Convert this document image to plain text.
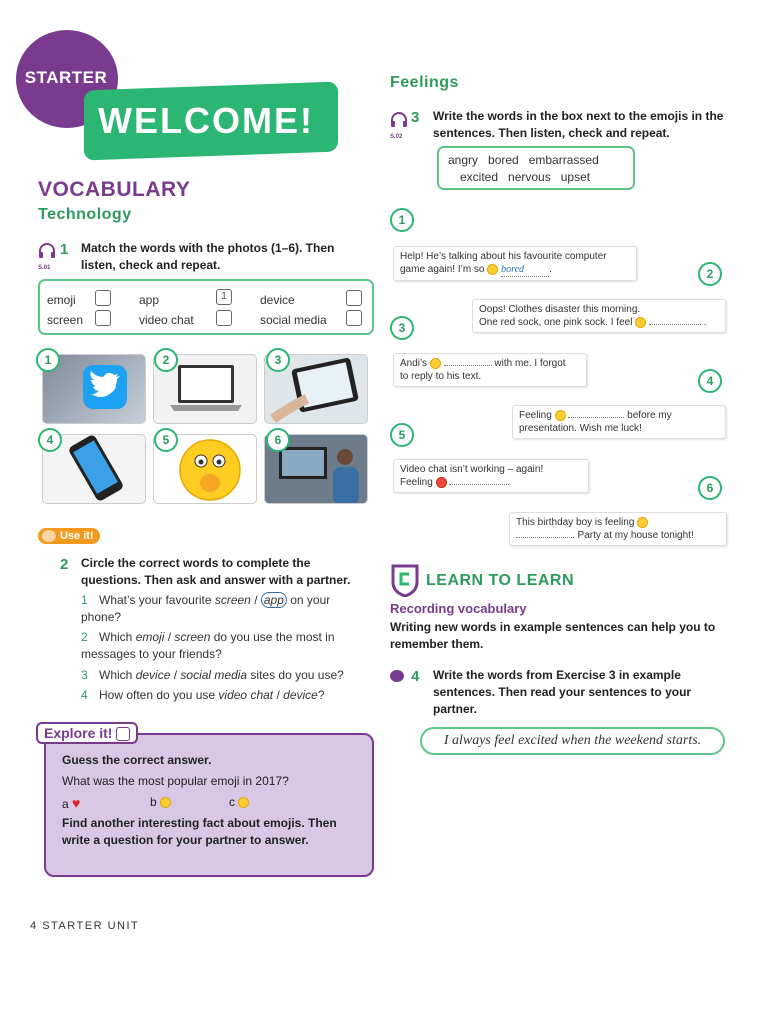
STARTER
WELCOME!
VOCABULARY
Technology
S.01
1 Match the words with the photos (1–6). Then listen, check and repeat.
emoji	app	1	device
screen	video chat	social media
1	2	3
4	5	6
Use it!
2 Circle the correct words to complete the questions. Then ask and answer with a partner.
1 What’s your favourite screen / app on your phone?
2 Which emoji / screen do you use the most in messages to your friends?
3 Which device / social media sites do you use?
4 How often do you use video chat / device?
Explore it!
Guess the correct answer.
What was the most popular emoji in 2017?
a ♥	b	c
Find another interesting fact about emojis. Then write a question for your partner to answer.
Feelings
S.02
3 Write the words in the box next to the emojis in the sentences. Then listen, check and repeat.
angry   bored   embarrassed
excited   nervous   upset
1
Help! He’s talking about his favourite computer
game again! I’m so bored	.	2
Oops! Clothes disaster this morning.
One red sock, one pink sock. I feel	.
3
Andi’s	with me. I forgot
to reply to his text.	4
Feeling	before my
presentation. Wish me luck!
5
Video chat isn’t working – again!
Feeling	.	6
This birthday boy is feeling
. Party at my house tonight!
LEARN TO LEARN
Recording vocabulary
Writing new words in example sentences can help you to remember them.
4 Write the words from Exercise 3 in example sentences. Then read your sentences to your partner.
I always feel excited when the weekend starts.
4 STARTER UNIT
